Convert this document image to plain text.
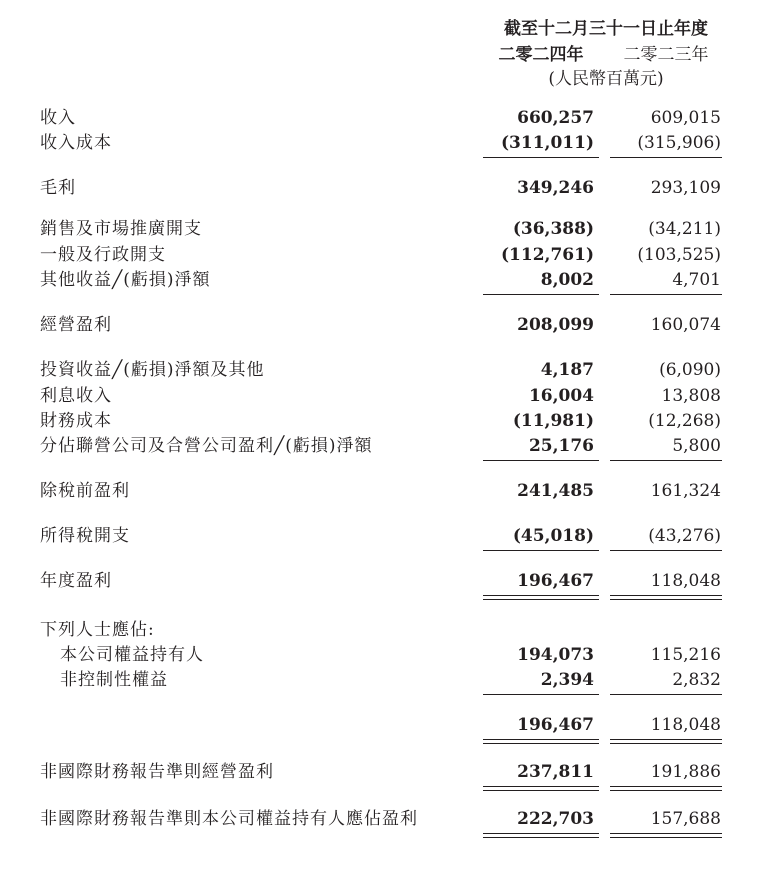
截至十二月三十一日止年度
二零二四年	二零二三年
(人民幣百萬元)
收入	660,257	609,015
收入成本	(311,011)	(315,906)
毛利	349,246	293,109
銷售及市場推廣開支	(36,388)	(34,211)
一般及行政開支	(112,761)	(103,525)
其他收益╱(虧損)淨額	8,002	4,701
經營盈利	208,099	160,074
投資收益╱(虧損)淨額及其他	4,187	(6,090)
利息收入	16,004	13,808
財務成本	(11,981)	(12,268)
分佔聯營公司及合營公司盈利╱(虧損)淨額	25,176	5,800
除稅前盈利	241,485	161,324
所得稅開支	(45,018)	(43,276)
年度盈利	196,467	118,048
下列人士應佔:
本公司權益持有人	194,073	115,216
非控制性權益	2,394	2,832
196,467	118,048
非國際財務報告準則經營盈利	237,811	191,886
非國際財務報告準則本公司權益持有人應佔盈利	222,703	157,688
